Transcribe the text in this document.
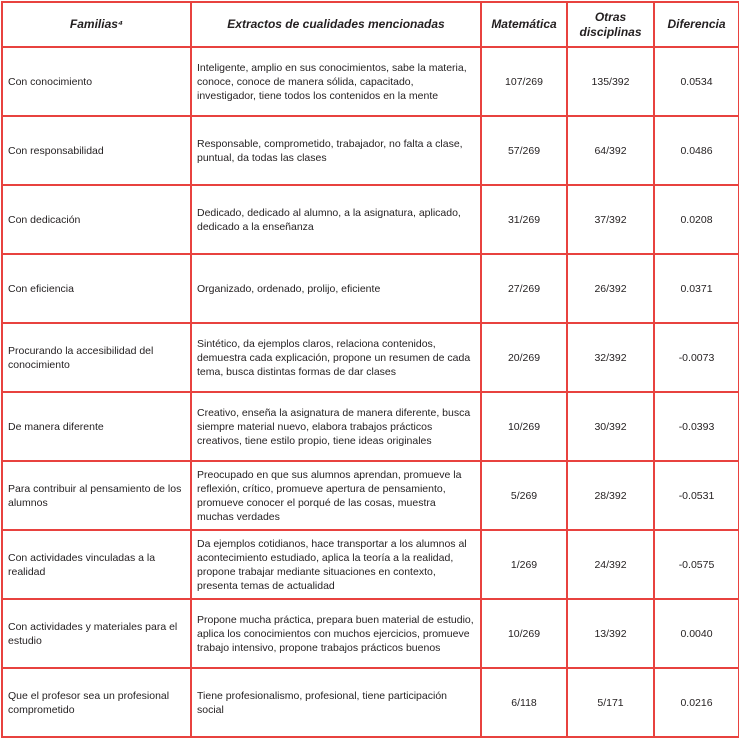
Familias⁴	Extractos de cualidades mencionadas	Matemática	Otras disciplinas	Diferencia
Con conocimiento	Inteligente, amplio en sus conocimientos, sabe la materia, conoce, conoce de manera sólida, capacitado, investigador, tiene todos los contenidos en la mente	107/269	135/392	0.0534
Con responsabilidad	Responsable, comprometido, trabajador, no falta a clase, puntual, da todas las clases	57/269	64/392	0.0486
Con dedicación	Dedicado, dedicado al alumno, a la asignatura, aplicado, dedicado a la enseñanza	31/269	37/392	0.0208
Con eficiencia	Organizado, ordenado, prolijo, eficiente	27/269	26/392	0.0371
Procurando la accesibilidad del conocimiento	Sintético, da ejemplos claros, relaciona contenidos, demuestra cada explicación, propone un resumen de cada tema, busca distintas formas de dar clases	20/269	32/392	-0.0073
De manera diferente	Creativo, enseña la asignatura de manera diferente, busca siempre material nuevo, elabora trabajos prácticos creativos, tiene estilo propio, tiene ideas originales	10/269	30/392	-0.0393
Para contribuir al pensamiento de los alumnos	Preocupado en que sus alumnos aprendan, promueve la reflexión, crítico, promueve apertura de pensamiento, promueve conocer el porqué de las cosas, muestra muchas verdades	5/269	28/392	-0.0531
Con actividades vinculadas a la realidad	Da ejemplos cotidianos, hace transportar a los alumnos al acontecimiento estudiado, aplica la teoría a la realidad, propone trabajar mediante situaciones en contexto, presenta temas de actualidad	1/269	24/392	-0.0575
Con actividades y materiales para el estudio	Propone mucha práctica, prepara buen material de estudio, aplica los conocimientos con muchos ejercicios, promueve trabajo intensivo, propone trabajos prácticos buenos	10/269	13/392	0.0040
Que el profesor sea un profesional comprometido	Tiene profesionalismo, profesional, tiene participación social	6/118	5/171	0.0216
